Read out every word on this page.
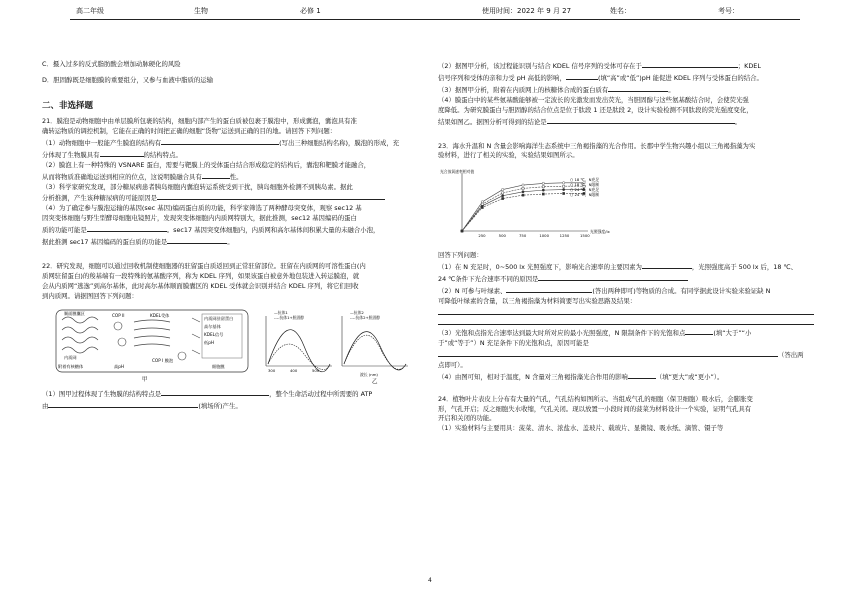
高二年级	生物	必修 1	使用时间：2022 年 9 月 27	姓名：	考号：

C．摄入过多的反式脂肪酸会增加动脉硬化的风险

D．胆固醇既是细胞膜的重要组分，又参与血液中脂质的运输

二、非选择题

21．膜泡是动物细胞中由单层膜所包裹的结构，细胞内部产生的蛋白质被包裹于膜泡中，形成囊泡，囊泡具有准

确转运物质的调控机制，它能在正确的时间把正确的细胞“货物”运送到正确的目的地。请回答下列问题：

（1）动物细胞中一般能产生膜泡的结构有	(写出三种细胞结构名称)，膜泡的形成，充

分体现了生物膜具有	的结构特点。

（2）膜泡上有一种特殊的 VSNARE 蛋白，需要与靶膜上的受体蛋白结合形成稳定的结构后，囊泡和靶膜才能融合，

从而将物质准确地运送到相应的位点，这说明膜融合具有	性。

（3）科学家研究发现，部分糖尿病患者胰岛细胞内囊泡转运系统受到干扰，胰岛细胞外检测不到胰岛素。据此

分析推测，产生该种糖尿病的可能原因是

（4）为了确定参与膜泡运输的基因(sec 基因)编码蛋白质的功能，科学家筛选了两种酵母突变体，观察 sec12 基

因突变体细胞与野生型酵母细胞电镜照片，发现突变体细胞内内质网特别大，据此推测，sec12 基因编码的蛋白

质的功能可能是	。sec17 基因突变体细胞内，内质网和高尔基体间积累大量的未融合小泡，

据此推测 sec17 基因编码的蛋白质的功能是	。

22．研究发现，细胞可以通过回收机制使细胞器的驻留蛋白质返回到正常驻留部位。驻留在内质网的可溶性蛋白(内

质网驻留蛋白)的羧基端有一段特殊的氨基酸序列，称为 KDEL 序列，如果该蛋白被意外地包装进入转运膜泡，就

会从内质网“逃逸”到高尔基体，此时高尔基体顺面膜囊区的 KDEL 受体就会识别并结合 KDEL 序列，将它们回收

到内质网。请据图回答下列问题：

顺面膜囊区
内质网
KDEL受体
COP II
内质网驻留蛋白
高尔基体
KDEL信号
低pH
COP I 膜泡
附着有核糖体	高pH	细胞膜
甲
—抗体1
----抗体1+胆固醇
300	400	500
—抗体2
----抗体2+胆固醇
波长 (nm)
乙

（1）图甲过程体现了生物膜的结构特点是	，整个生命活动过程中所需要的 ATP

由	(填场所)产生。

（2）据图甲分析，该过程能识别与结合 KDEL 信号序列的受体可存在于	；KDEL

信号序列和受体的亲和力受 pH 高低的影响，	(填“高”或“低”)pH 能促进 KDEL 序列与受体蛋白的结合。

（3）据图甲分析，附着在内质网上的核糖体合成的蛋白质有	。

（4）膜蛋白中的某些氨基酸能够被一定波长的光激发而发出荧光，当胆固醇与这些氨基酸结合时，会使荧光强

度降低。为研究膜蛋白与胆固醇的结合位点是位于肽段 1 还是肽段 2，设计实验检测不同肽段的荧光强度变化，

结果如图乙。据图分析可得到的结论是	。

23．海水升温和 N 含量会影响海洋生态系统中三角褐指藻的光合作用。长郡中学生物兴趣小组以三角褐指藻为实

验材料，进行了相关的实验，实验结果如图所示。

光合放氧速率相对值
光照强度/lx
250	500	750	1000	1250	1500
○ 18 ℃，N充足
○ 18 ℃，N限制
○ 24 ℃，N充足
○ 24 ℃，N限制

回答下列问题：

（1）在 N 充足时，0~500 lx 光照强度下，影响光合速率的主要因素为	，光照强度高于 500 lx 后，18 ℃、

24 ℃条件下光合速率不同的原因是

（2）N 可参与叶绿素、	(答出两种即可)等物质的合成。有同学据此设计实验来验证缺 N

可降低叶绿素的含量，以三角褐指藻为材料简要写出实验思路及结果：

（3）光饱和点指光合速率达到最大时所对应的最小光照强度，N 限制条件下的光饱和点	(填“大于”“小

于”或“等于”）N 充足条件下的光饱和点，原因可能是

（答出两

点即可）。

（4）由图可知，相对于温度，N 含量对三角褐指藻光合作用的影响	（填“更大”或“更小”）。

24．植物叶片表皮上分布有大量的气孔，气孔结构如图所示。当组成气孔的细胞（保卫细胞）吸水后，会膨胀变

形，气孔开启；反之细胞失水收缩，气孔关闭。现以放置一小段时间的菠菜为材料设计一个实验，证明气孔具有

开启和关闭的功能。

（1）实验材料与主要用具：菠菜、清水、浓盐水、盖玻片、载玻片、显微镜、吸水纸、滴管、镊子等

4
